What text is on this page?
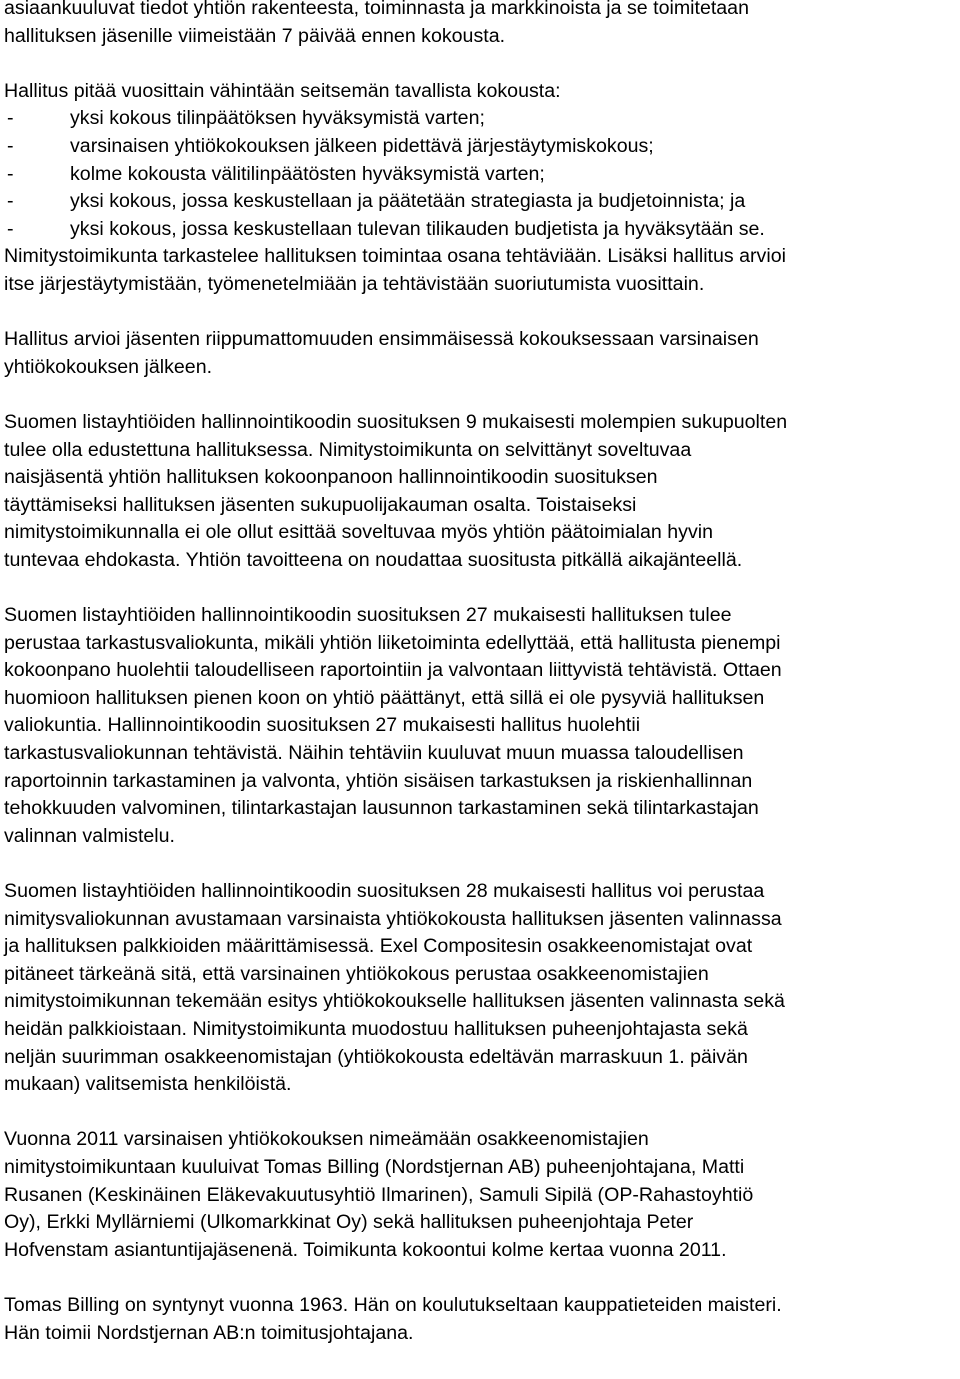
asiaankuuluvat tiedot yhtiön rakenteesta, toiminnasta ja markkinoista ja se toimitetaan
hallituksen jäsenille viimeistään 7 päivää ennen kokousta.
Hallitus pitää vuosittain vähintään seitsemän tavallista kokousta:
-	yksi kokous tilinpäätöksen hyväksymistä varten;
-	varsinaisen yhtiökokouksen jälkeen pidettävä järjestäytymiskokous;
-	kolme kokousta välitilinpäätösten hyväksymistä varten;
-	yksi kokous, jossa keskustellaan ja päätetään strategiasta ja budjetoinnista; ja
-	yksi kokous, jossa keskustellaan tulevan tilikauden budjetista ja hyväksytään se.
Nimitystoimikunta tarkastelee hallituksen toimintaa osana tehtäviään. Lisäksi hallitus arvioi
itse järjestäytymistään, työmenetelmiään ja tehtävistään suoriutumista vuosittain.
Hallitus arvioi jäsenten riippumattomuuden ensimmäisessä kokouksessaan varsinaisen
yhtiökokouksen jälkeen.
Suomen listayhtiöiden hallinnointikoodin suosituksen 9 mukaisesti molempien sukupuolten
tulee olla edustettuna hallituksessa. Nimitystoimikunta on selvittänyt soveltuvaa
naisjäsentä yhtiön hallituksen kokoonpanoon hallinnointikoodin suosituksen
täyttämiseksi hallituksen jäsenten sukupuolijakauman osalta. Toistaiseksi
nimitystoimikunnalla ei ole ollut esittää soveltuvaa myös yhtiön päätoimialan hyvin
tuntevaa ehdokasta. Yhtiön tavoitteena on noudattaa suositusta pitkällä aikajänteellä.
Suomen listayhtiöiden hallinnointikoodin suosituksen 27 mukaisesti hallituksen tulee
perustaa tarkastusvaliokunta, mikäli yhtiön liiketoiminta edellyttää, että hallitusta pienempi
kokoonpano huolehtii taloudelliseen raportointiin ja valvontaan liittyvistä tehtävistä. Ottaen
huomioon hallituksen pienen koon on yhtiö päättänyt, että sillä ei ole pysyviä hallituksen
valiokuntia. Hallinnointikoodin suosituksen 27 mukaisesti hallitus huolehtii
tarkastusvaliokunnan tehtävistä. Näihin tehtäviin kuuluvat muun muassa taloudellisen
raportoinnin tarkastaminen ja valvonta, yhtiön sisäisen tarkastuksen ja riskienhallinnan
tehokkuuden valvominen, tilintarkastajan lausunnon tarkastaminen sekä tilintarkastajan
valinnan valmistelu.
Suomen listayhtiöiden hallinnointikoodin suosituksen 28 mukaisesti hallitus voi perustaa
nimitysvaliokunnan avustamaan varsinaista yhtiökokousta hallituksen jäsenten valinnassa
ja hallituksen palkkioiden määrittämisessä. Exel Compositesin osakkeenomistajat ovat
pitäneet tärkeänä sitä, että varsinainen yhtiökokous perustaa osakkeenomistajien
nimitystoimikunnan tekemään esitys yhtiökokoukselle hallituksen jäsenten valinnasta sekä
heidän palkkioistaan. Nimitystoimikunta muodostuu hallituksen puheenjohtajasta sekä
neljän suurimman osakkeenomistajan (yhtiökokousta edeltävän marraskuun 1. päivän
mukaan) valitsemista henkilöistä.
Vuonna 2011 varsinaisen yhtiökokouksen nimeämään osakkeenomistajien
nimitystoimikuntaan kuuluivat Tomas Billing (Nordstjernan AB) puheenjohtajana, Matti
Rusanen (Keskinäinen Eläkevakuutusyhtiö Ilmarinen), Samuli Sipilä (OP-Rahastoyhtiö
Oy), Erkki Myllärniemi (Ulkomarkkinat Oy) sekä hallituksen puheenjohtaja Peter
Hofvenstam asiantuntijajäsenenä. Toimikunta kokoontui kolme kertaa vuonna 2011.
Tomas Billing on syntynyt vuonna 1963. Hän on koulutukseltaan kauppatieteiden maisteri.
Hän toimii Nordstjernan AB:n toimitusjohtajana.
